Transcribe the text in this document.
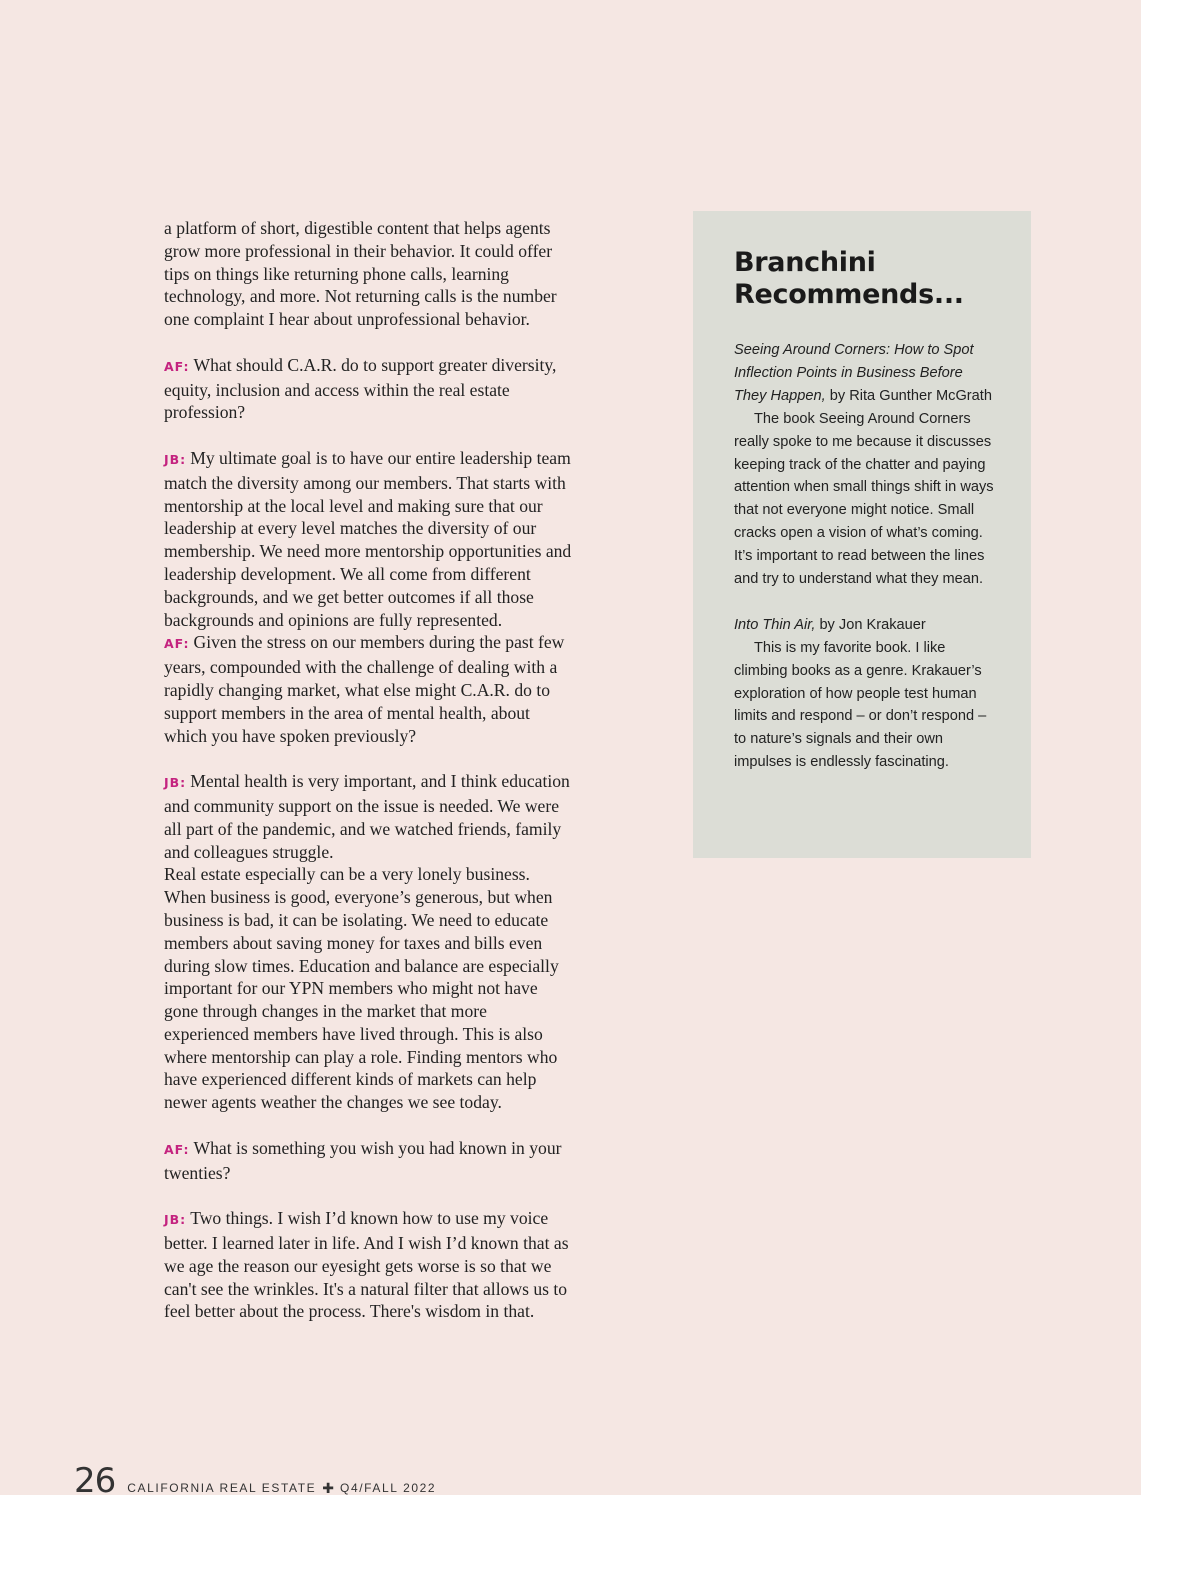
a platform of short, digestible content that helps agents grow more professional in their behavior. It could offer tips on things like returning phone calls, learning technology, and more. Not returning calls is the number one complaint I hear about unprofessional behavior.

AF: What should C.A.R. do to support greater diversity, equity, inclusion and access within the real estate profession?

JB: My ultimate goal is to have our entire leadership team match the diversity among our members. That starts with mentorship at the local level and making sure that our leadership at every level matches the diversity of our membership. We need more mentorship opportunities and leadership development. We all come from different backgrounds, and we get better outcomes if all those backgrounds and opinions are fully represented.

AF: Given the stress on our members during the past few years, compounded with the challenge of dealing with a rapidly changing market, what else might C.A.R. do to support members in the area of mental health, about which you have spoken previously?

JB: Mental health is very important, and I think education and community support on the issue is needed. We were all part of the pandemic, and we watched friends, family and colleagues struggle.

Real estate especially can be a very lonely business. When business is good, everyone’s generous, but when business is bad, it can be isolating. We need to educate members about saving money for taxes and bills even during slow times. Education and balance are especially important for our YPN members who might not have gone through changes in the market that more experienced members have lived through. This is also where mentorship can play a role. Finding mentors who have experienced different kinds of markets can help newer agents weather the changes we see today.

AF: What is something you wish you had known in your twenties?

JB: Two things. I wish I’d known how to use my voice better. I learned later in life. And I wish I’d known that as we age the reason our eyesight gets worse is so that we can't see the wrinkles. It's a natural filter that allows us to feel better about the process. There's wisdom in that.

Branchini
Recommends...

Seeing Around Corners: How to Spot Inflection Points in Business Before They Happen, by Rita Gunther McGrath

The book Seeing Around Corners really spoke to me because it discusses keeping track of the chatter and paying attention when small things shift in ways that not everyone might notice. Small cracks open a vision of what’s coming. It’s important to read between the lines and try to understand what they mean.

Into Thin Air, by Jon Krakauer

This is my favorite book. I like climbing books as a genre. Krakauer’s exploration of how people test human limits and respond – or don’t respond – to nature’s signals and their own impulses is endlessly fascinating.

26 CALIFORNIA REAL ESTATE ✚ Q4/FALL 2022
